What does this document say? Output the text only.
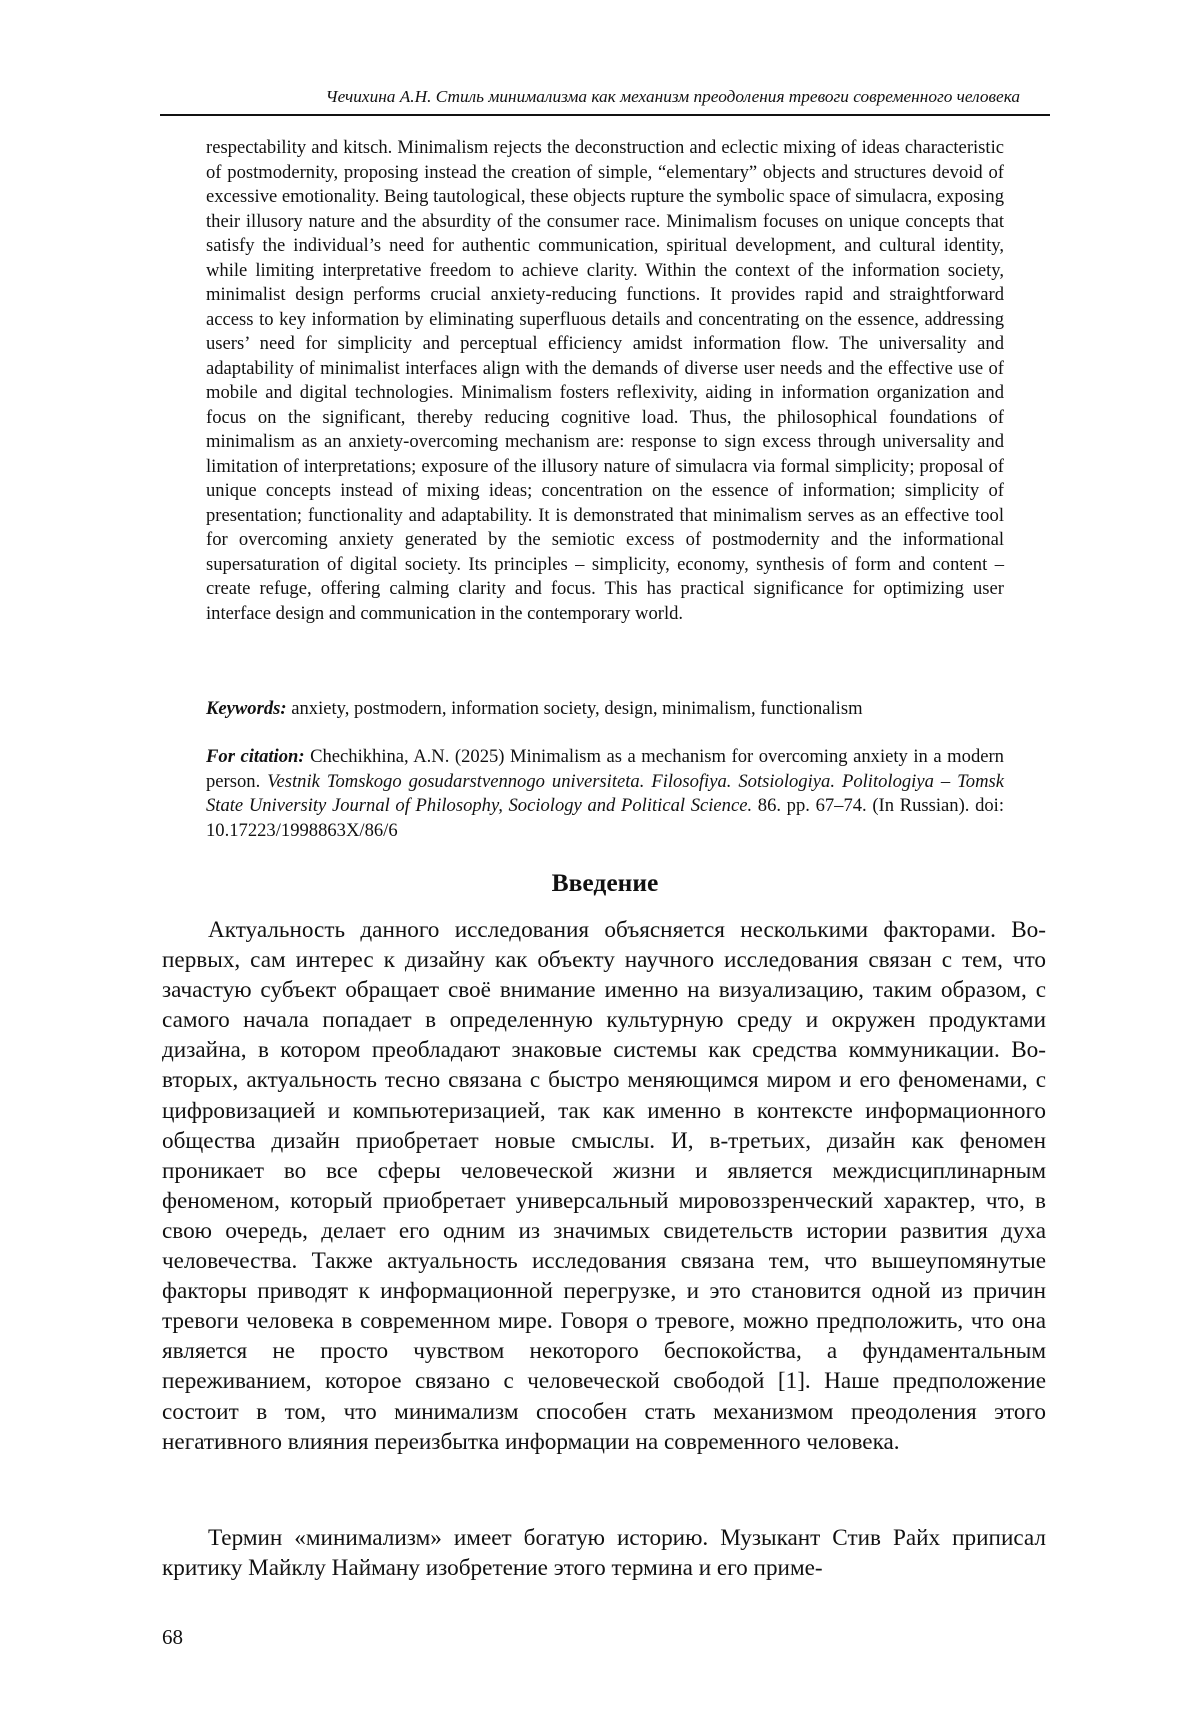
Чечихина А.Н. Стиль минимализма как механизм преодоления тревоги современного человека

respectability and kitsch. Minimalism rejects the deconstruction and eclectic mixing of ideas characteristic of postmodernity, proposing instead the creation of simple, “elementary” objects and structures devoid of excessive emotionality. Being tautological, these objects rupture the symbolic space of simulacra, exposing their illusory nature and the absurdity of the consumer race. Minimalism focuses on unique concepts that satisfy the individual’s need for authentic communication, spiritual development, and cultural identity, while limiting interpretative freedom to achieve clarity. Within the context of the information society, minimalist design performs crucial anxiety-reducing functions. It provides rapid and straightforward access to key information by eliminating superfluous details and concentrating on the essence, addressing users’ need for simplicity and perceptual efficiency amidst information flow. The universality and adaptability of minimalist interfaces align with the demands of diverse user needs and the effective use of mobile and digital technologies. Minimalism fosters reflexivity, aiding in information organization and focus on the significant, thereby reducing cognitive load. Thus, the philosophical foundations of minimalism as an anxiety-overcoming mechanism are: response to sign excess through universality and limitation of interpretations; exposure of the illusory nature of simulacra via formal simplicity; proposal of unique concepts instead of mixing ideas; concentration on the essence of information; simplicity of presentation; functionality and adaptability. It is demonstrated that minimalism serves as an effective tool for overcoming anxiety generated by the semiotic excess of postmodernity and the informational supersaturation of digital society. Its principles – simplicity, economy, synthesis of form and content – create refuge, offering calming clarity and focus. This has practical significance for optimizing user interface design and communication in the contemporary world.

Keywords: anxiety, postmodern, information society, design, minimalism, functionalism

For citation: Chechikhina, A.N. (2025) Minimalism as a mechanism for overcoming anxiety in a modern person. Vestnik Tomskogo gosudarstvennogo universiteta. Filosofiya. Sotsiologiya. Politologiya – Tomsk State University Journal of Philosophy, Sociology and Political Science. 86. pp. 67–74. (In Russian). doi: 10.17223/1998863X/86/6

Введение

Актуальность данного исследования объясняется несколькими факторами. Во-первых, сам интерес к дизайну как объекту научного исследования связан с тем, что зачастую субъект обращает своё внимание именно на визуализацию, таким образом, с самого начала попадает в определенную культурную среду и окружен продуктами дизайна, в котором преобладают знаковые системы как средства коммуникации. Во-вторых, актуальность тесно связана с быстро меняющимся миром и его феноменами, с цифровизацией и компьютеризацией, так как именно в контексте информационного общества дизайн приобретает новые смыслы. И, в-третьих, дизайн как феномен проникает во все сферы человеческой жизни и является междисциплинарным феноменом, который приобретает универсальный мировоззренческий характер, что, в свою очередь, делает его одним из значимых свидетельств истории развития духа человечества. Также актуальность исследования связана тем, что вышеупомянутые факторы приводят к информационной перегрузке, и это становится одной из причин тревоги человека в современном мире. Говоря о тревоге, можно предположить, что она является не просто чувством некоторого беспокойства, а фундаментальным переживанием, которое связано с человеческой свободой [1]. Наше предположение состоит в том, что минимализм способен стать механизмом преодоления этого негативного влияния переизбытка информации на современного человека.

Термин «минимализм» имеет богатую историю. Музыкант Стив Райх приписал критику Майклу Найману изобретение этого термина и его приме-

68
